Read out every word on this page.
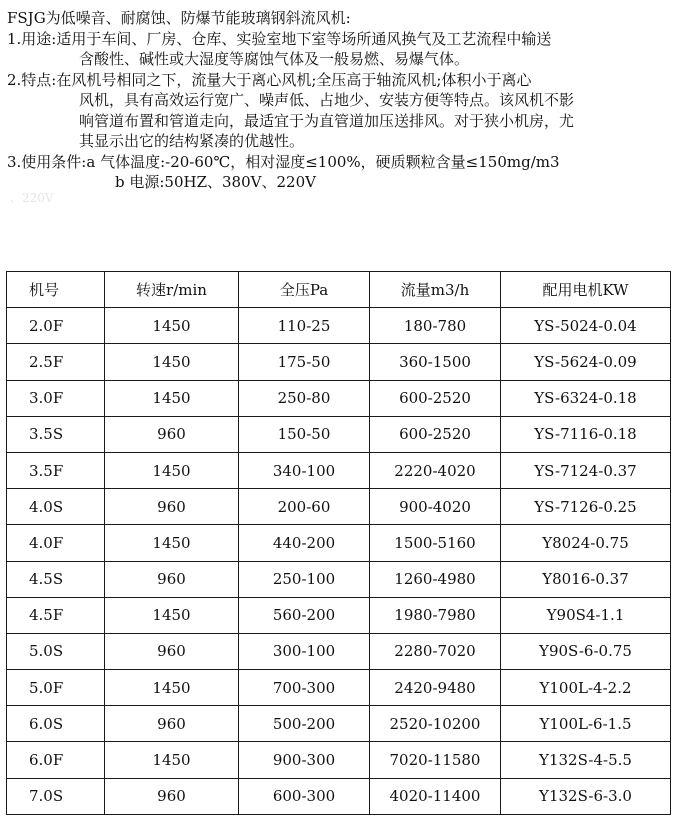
FSJG为低噪音、耐腐蚀、防爆节能玻璃钢斜流风机:
1.用途:适用于车间、厂房、仓库、实验室地下室等场所通风换气及工艺流程中输送
含酸性、碱性或大湿度等腐蚀气体及一般易燃、易爆气体。
2.特点:在风机号相同之下，流量大于离心风机;全压高于轴流风机;体积小于离心
风机，具有高效运行宽广、噪声低、占地少、安装方便等特点。该风机不影
响管道布置和管道走向，最适宜于为直管道加压送排风。对于狭小机房，尤
其显示出它的结构紧凑的优越性。
3.使用条件:a 气体温度:-20-60℃，相对湿度≤100%，硬质颗粒含量≤150mg/m3
b 电源:50HZ、380V、220V
、220V
机号	转速r/min	全压Pa	流量m3/h	配用电机KW
2.0F	1450	110-25	180-780	YS-5024-0.04
2.5F	1450	175-50	360-1500	YS-5624-0.09
3.0F	1450	250-80	600-2520	YS-6324-0.18
3.5S	960	150-50	600-2520	YS-7116-0.18
3.5F	1450	340-100	2220-4020	YS-7124-0.37
4.0S	960	200-60	900-4020	YS-7126-0.25
4.0F	1450	440-200	1500-5160	Y8024-0.75
4.5S	960	250-100	1260-4980	Y8016-0.37
4.5F	1450	560-200	1980-7980	Y90S4-1.1
5.0S	960	300-100	2280-7020	Y90S-6-0.75
5.0F	1450	700-300	2420-9480	Y100L-4-2.2
6.0S	960	500-200	2520-10200	Y100L-6-1.5
6.0F	1450	900-300	7020-11580	Y132S-4-5.5
7.0S	960	600-300	4020-11400	Y132S-6-3.0
